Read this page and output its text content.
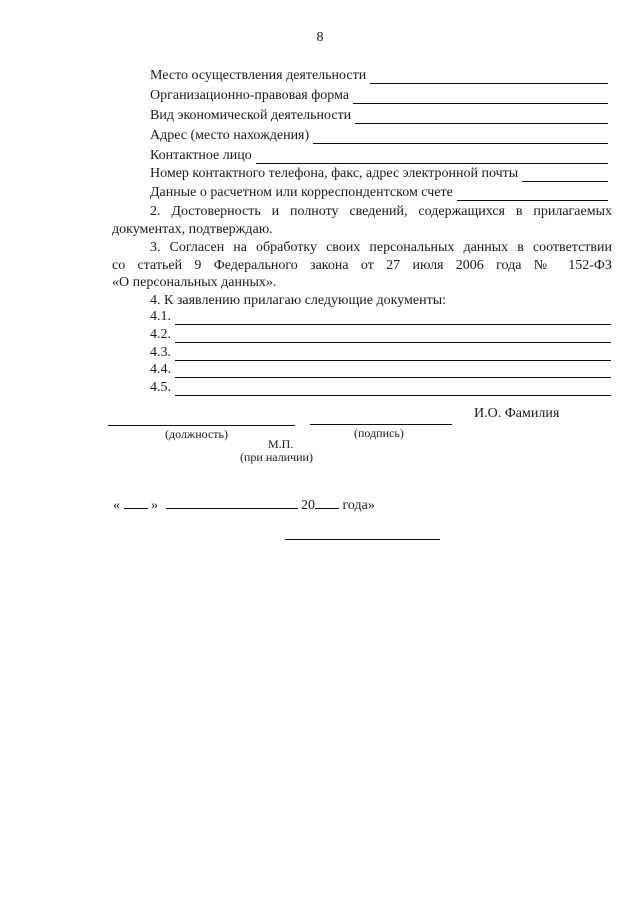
8
Место осуществления деятельности
Организационно-правовая форма
Вид экономической деятельности
Адрес (место нахождения)
Контактное лицо
Номер контактного телефона, факс, адрес электронной почты
Данные о расчетном или корреспондентском счете
2. Достоверность и полноту сведений, содержащихся в прилагаемых
документах, подтверждаю.
3. Согласен на обработку своих персональных данных в соответствии
со статьей 9 Федерального закона от 27 июля 2006 года № 152-ФЗ
«О персональных данных».
4. К заявлению прилагаю следующие документы:
4.1.
4.2.
4.3.
4.4.
4.5.
И.О. Фамилия
(должность)	(подпись)
М.П.
(при наличии)
« »	20 года»
